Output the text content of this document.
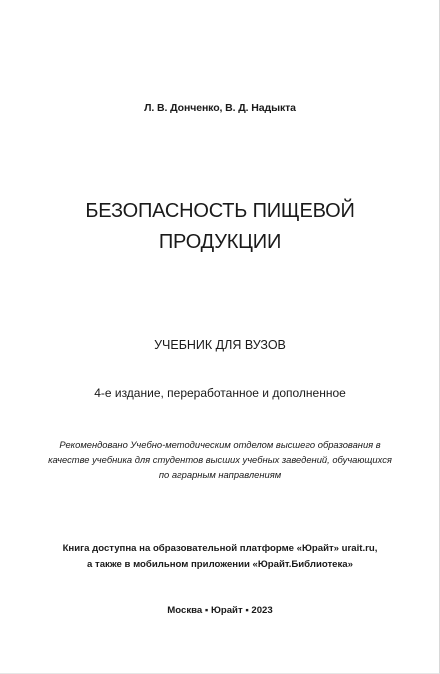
Л. В. Донченко, В. Д. Надыкта
БЕЗОПАСНОСТЬ ПИЩЕВОЙ
ПРОДУКЦИИ
УЧЕБНИК ДЛЯ ВУЗОВ
4-е издание, переработанное и дополненное
Рекомендовано Учебно-методическим отделом высшего образования в качестве учебника для студентов высших учебных заведений, обучающихся по аграрным направлениям
Книга доступна на образовательной платформе «Юрайт» urait.ru,
а также в мобильном приложении «Юрайт.Библиотека»
Москва ▪ Юрайт ▪ 2023
